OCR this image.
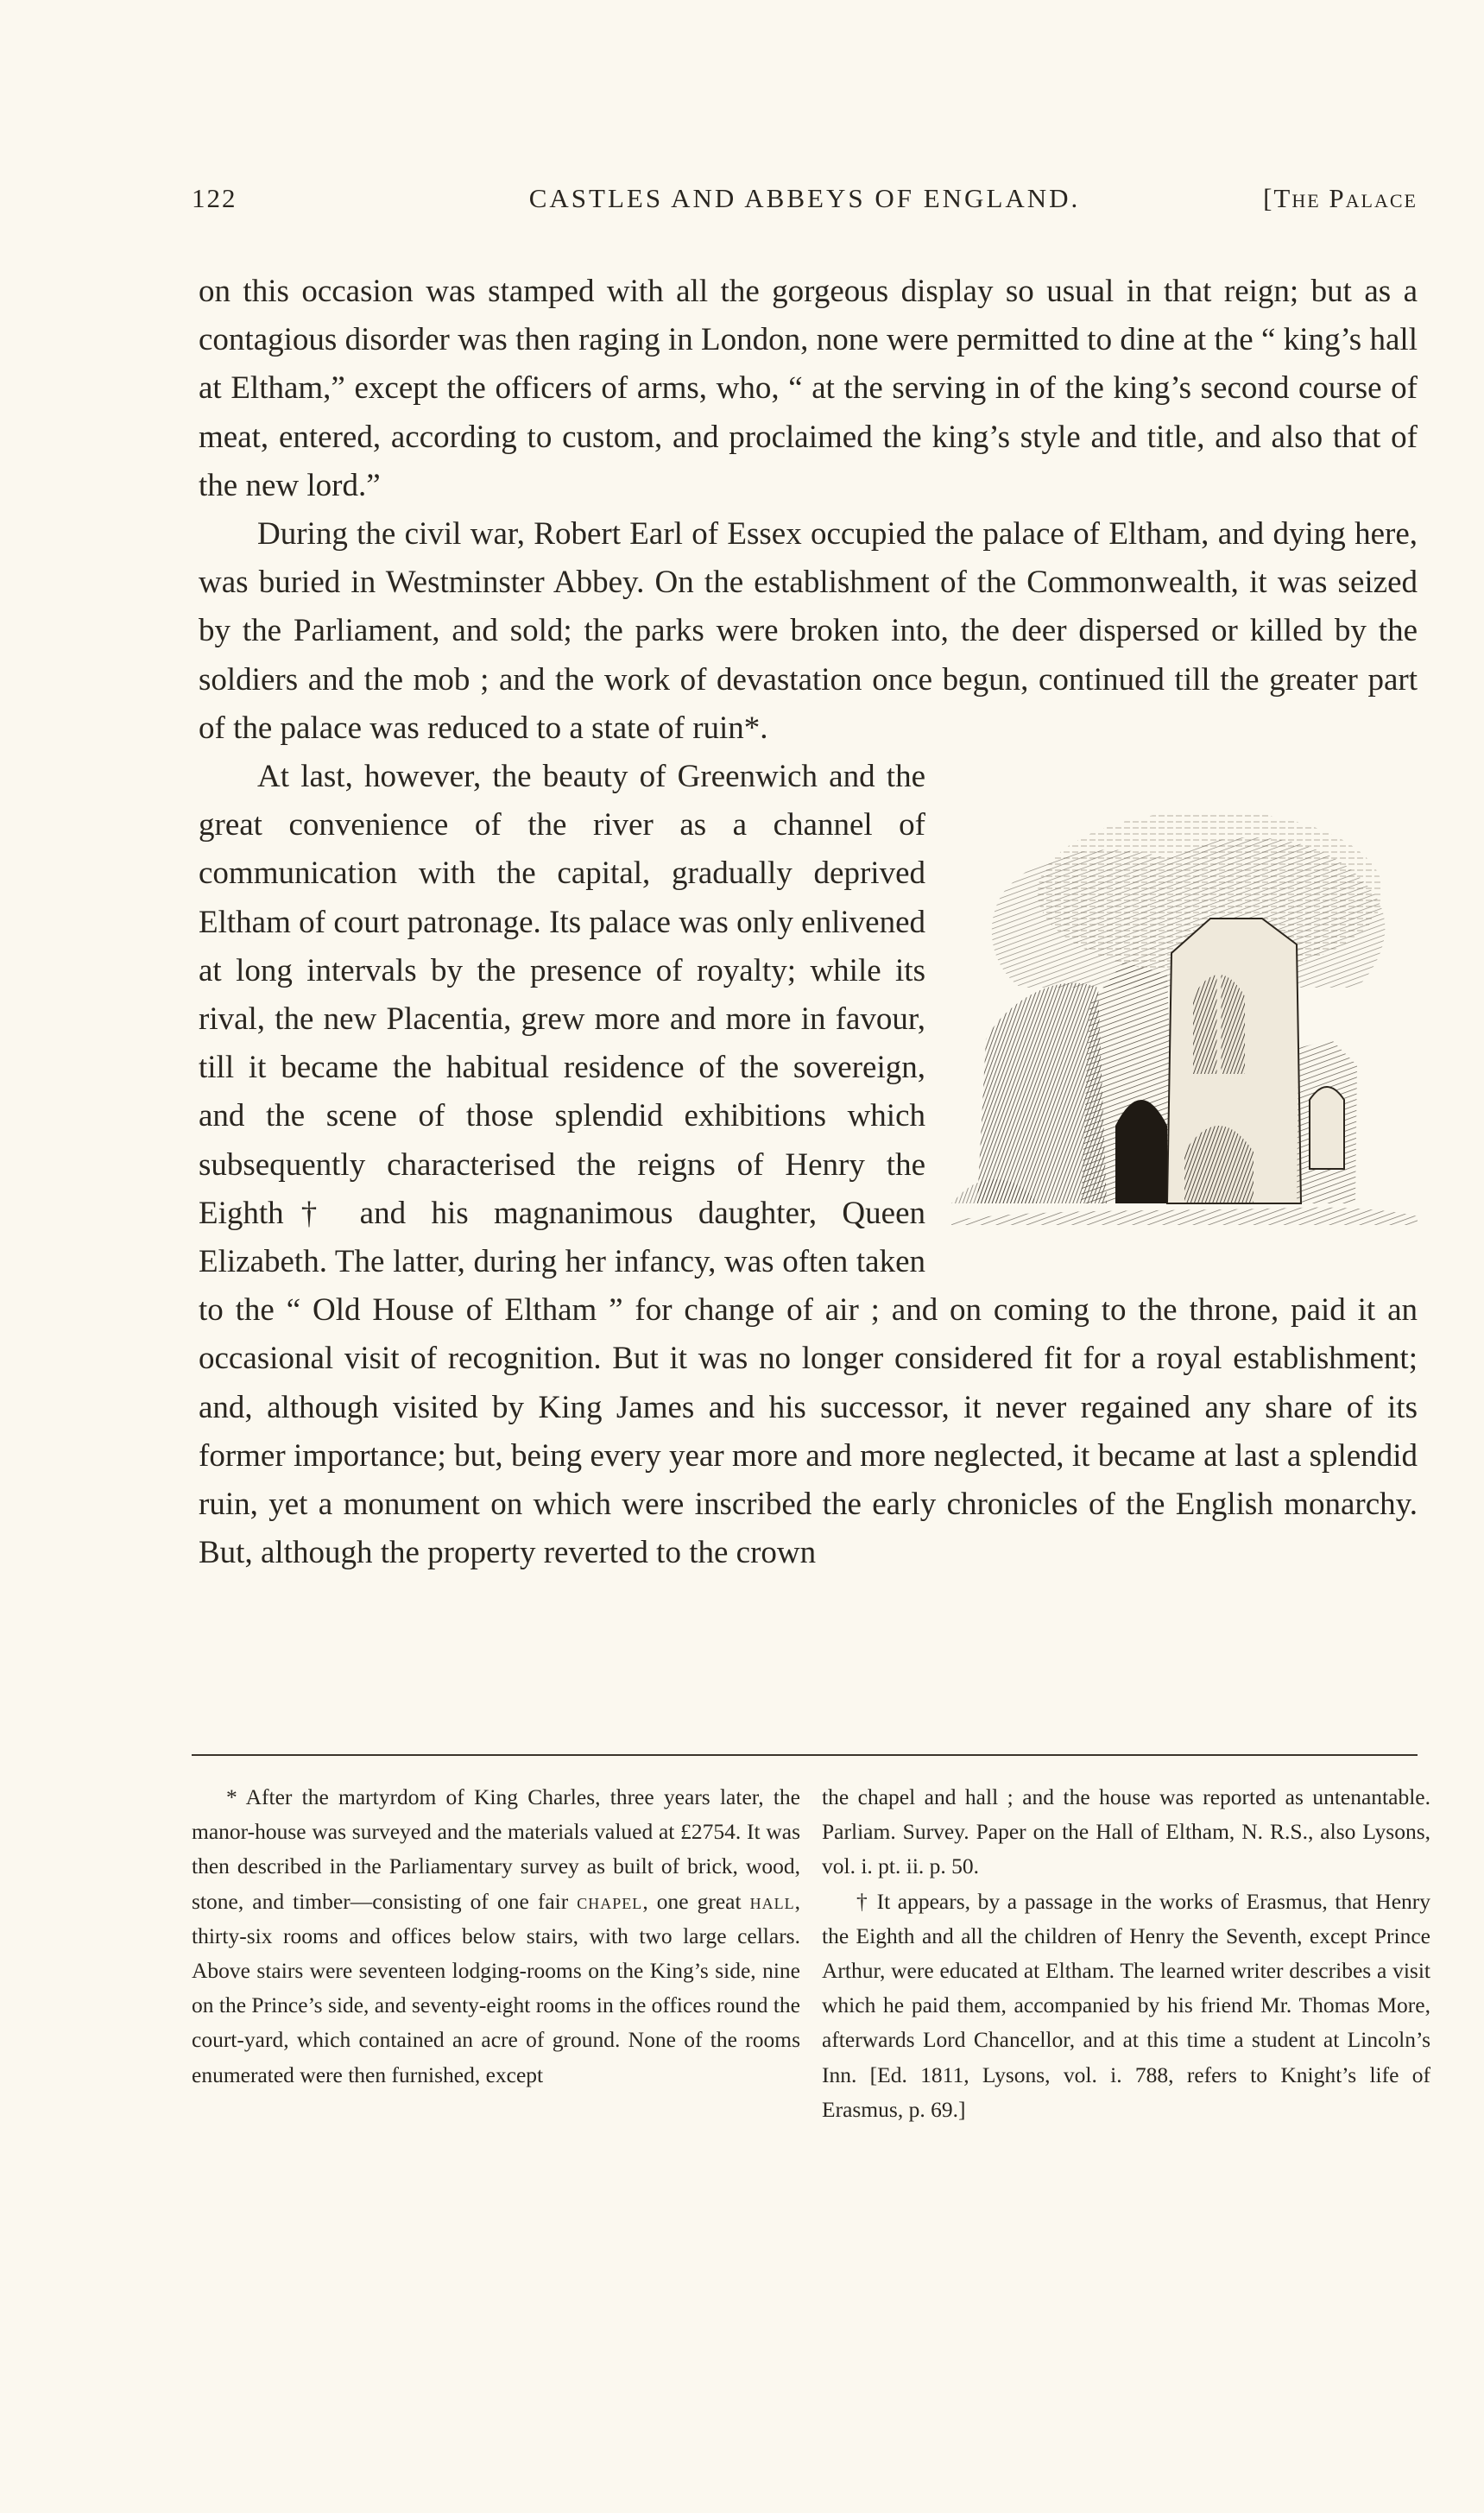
122	CASTLES AND ABBEYS OF ENGLAND.	[The Palace

on this occasion was stamped with all the gorgeous display so usual in that reign; but as a contagious disorder was then raging in London, none were permitted to dine at the “ king’s hall at Eltham,” except the officers of arms, who, “ at the serving in of the king’s second course of meat, entered, according to custom, and proclaimed the king’s style and title, and also that of the new lord.”

During the civil war, Robert Earl of Essex occupied the palace of Eltham, and dying here, was buried in Westminster Abbey. On the establishment of the Commonwealth, it was seized by the Parliament, and sold; the parks were broken into, the deer dispersed or killed by the soldiers and the mob ; and the work of devastation once begun, continued till the greater part of the palace was reduced to a state of ruin*.

At last, however, the beauty of Greenwich and the great convenience of the river as a channel of communication with the capital, gradually deprived Eltham of court patronage. Its palace was only enlivened at long intervals by the presence of royalty; while its rival, the new Placentia, grew more and more in favour, till it became the habitual residence of the sovereign, and the scene of those splendid exhibitions which subsequently characterised the reigns of Henry the Eighth† and his magnanimous daughter, Queen Elizabeth. The latter, during her infancy, was often taken to the “ Old House of Eltham ” for change of air ; and on coming to the throne, paid it an occasional visit of recognition. But it was no longer considered fit for a royal establishment; and, although visited by King James and his successor, it never regained any share of its former importance; but, being every year more and more neglected, it became at last a splendid ruin, yet a monument on which were inscribed the early chronicles of the English monarchy. But, although the property reverted to the crown

* After the martyrdom of King Charles, three years later, the manor-house was surveyed and the materials valued at £2754. It was then described in the Parliamentary survey as built of brick, wood, stone, and timber—consisting of one fair chapel, one great hall, thirty-six rooms and offices below stairs, with two large cellars. Above stairs were seventeen lodging-rooms on the King’s side, nine on the Prince’s side, and seventy-eight rooms in the offices round the court-yard, which contained an acre of ground. None of the rooms enumerated were then furnished, except

the chapel and hall ; and the house was reported as untenantable. Parliam. Survey. Paper on the Hall of Eltham, N. R.S., also Lysons, vol. i. pt. ii. p. 50.

† It appears, by a passage in the works of Erasmus, that Henry the Eighth and all the children of Henry the Seventh, except Prince Arthur, were educated at Eltham. The learned writer describes a visit which he paid them, accompanied by his friend Mr. Thomas More, afterwards Lord Chancellor, and at this time a student at Lincoln’s Inn. [Ed. 1811, Lysons, vol. i. 788, refers to Knight’s life of Erasmus, p. 69.]
